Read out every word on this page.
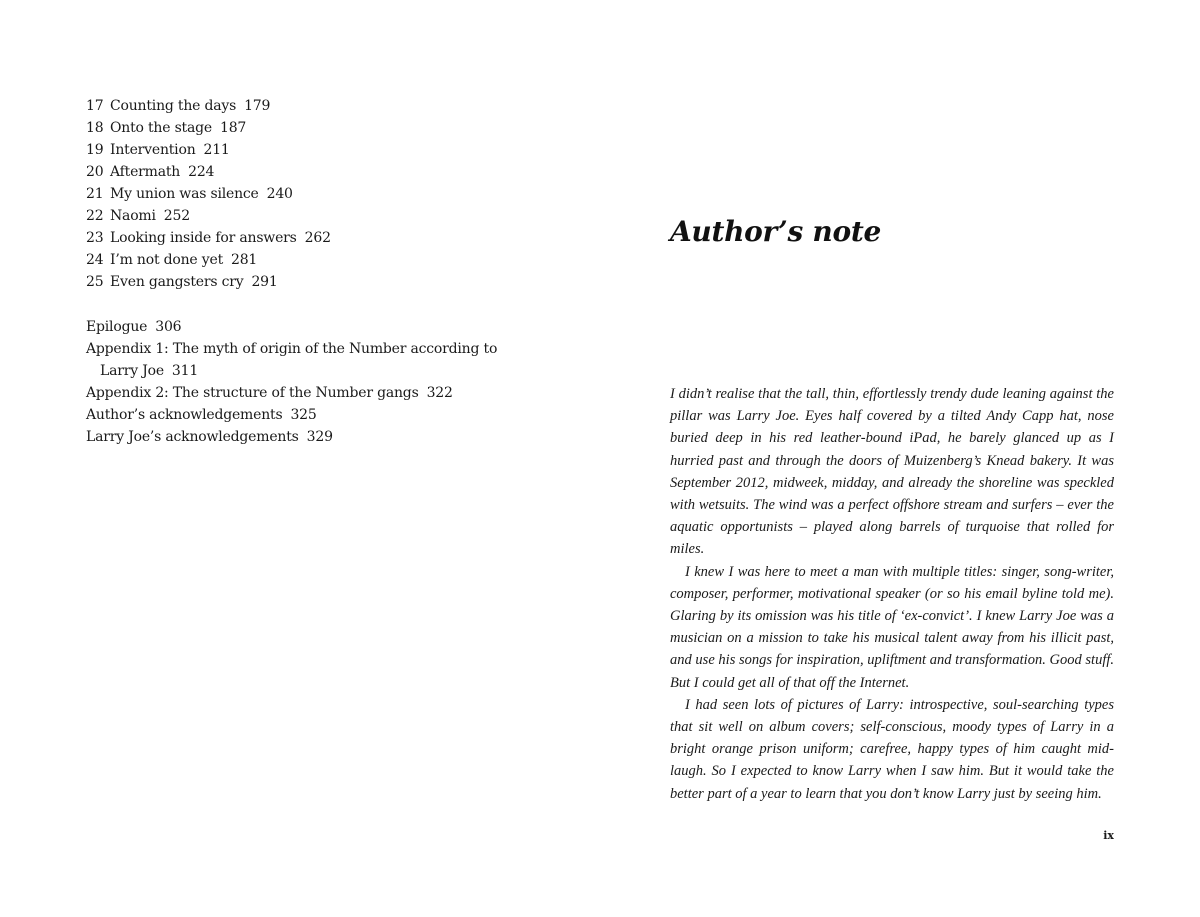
17 Counting the days 179
18 Onto the stage 187
19 Intervention 211
20 Aftermath 224
21 My union was silence 240
22 Naomi 252
23 Looking inside for answers 262
24 I’m not done yet 281
25 Even gangsters cry 291
Epilogue 306
Appendix 1: The myth of origin of the Number according to
Larry Joe 311
Appendix 2: The structure of the Number gangs 322
Author’s acknowledgements 325
Larry Joe’s acknowledgements 329
Author’s note

I didn’t realise that the tall, thin, effortlessly trendy dude leaning against the pillar was Larry Joe. Eyes half covered by a tilted Andy Capp hat, nose buried deep in his red leather-bound iPad, he barely glanced up as I hurried past and through the doors of Muizenberg’s Knead bakery. It was September 2012, midweek, midday, and already the shoreline was speckled with wetsuits. The wind was a perfect offshore stream and surfers – ever the aquatic opportunists – played along barrels of turquoise that rolled for miles.

I knew I was here to meet a man with multiple titles: singer, song-writer, composer, performer, motivational speaker (or so his email byline told me). Glaring by its omission was his title of ‘ex-convict’. I knew Larry Joe was a musician on a mission to take his musical talent away from his illicit past, and use his songs for inspiration, upliftment and transformation. Good stuff. But I could get all of that off the Internet.

I had seen lots of pictures of Larry: introspective, soul-searching types that sit well on album covers; self-conscious, moody types of Larry in a bright orange prison uniform; carefree, happy types of him caught mid-laugh. So I expected to know Larry when I saw him. But it would take the better part of a year to learn that you don’t know Larry just by seeing him.

ix
